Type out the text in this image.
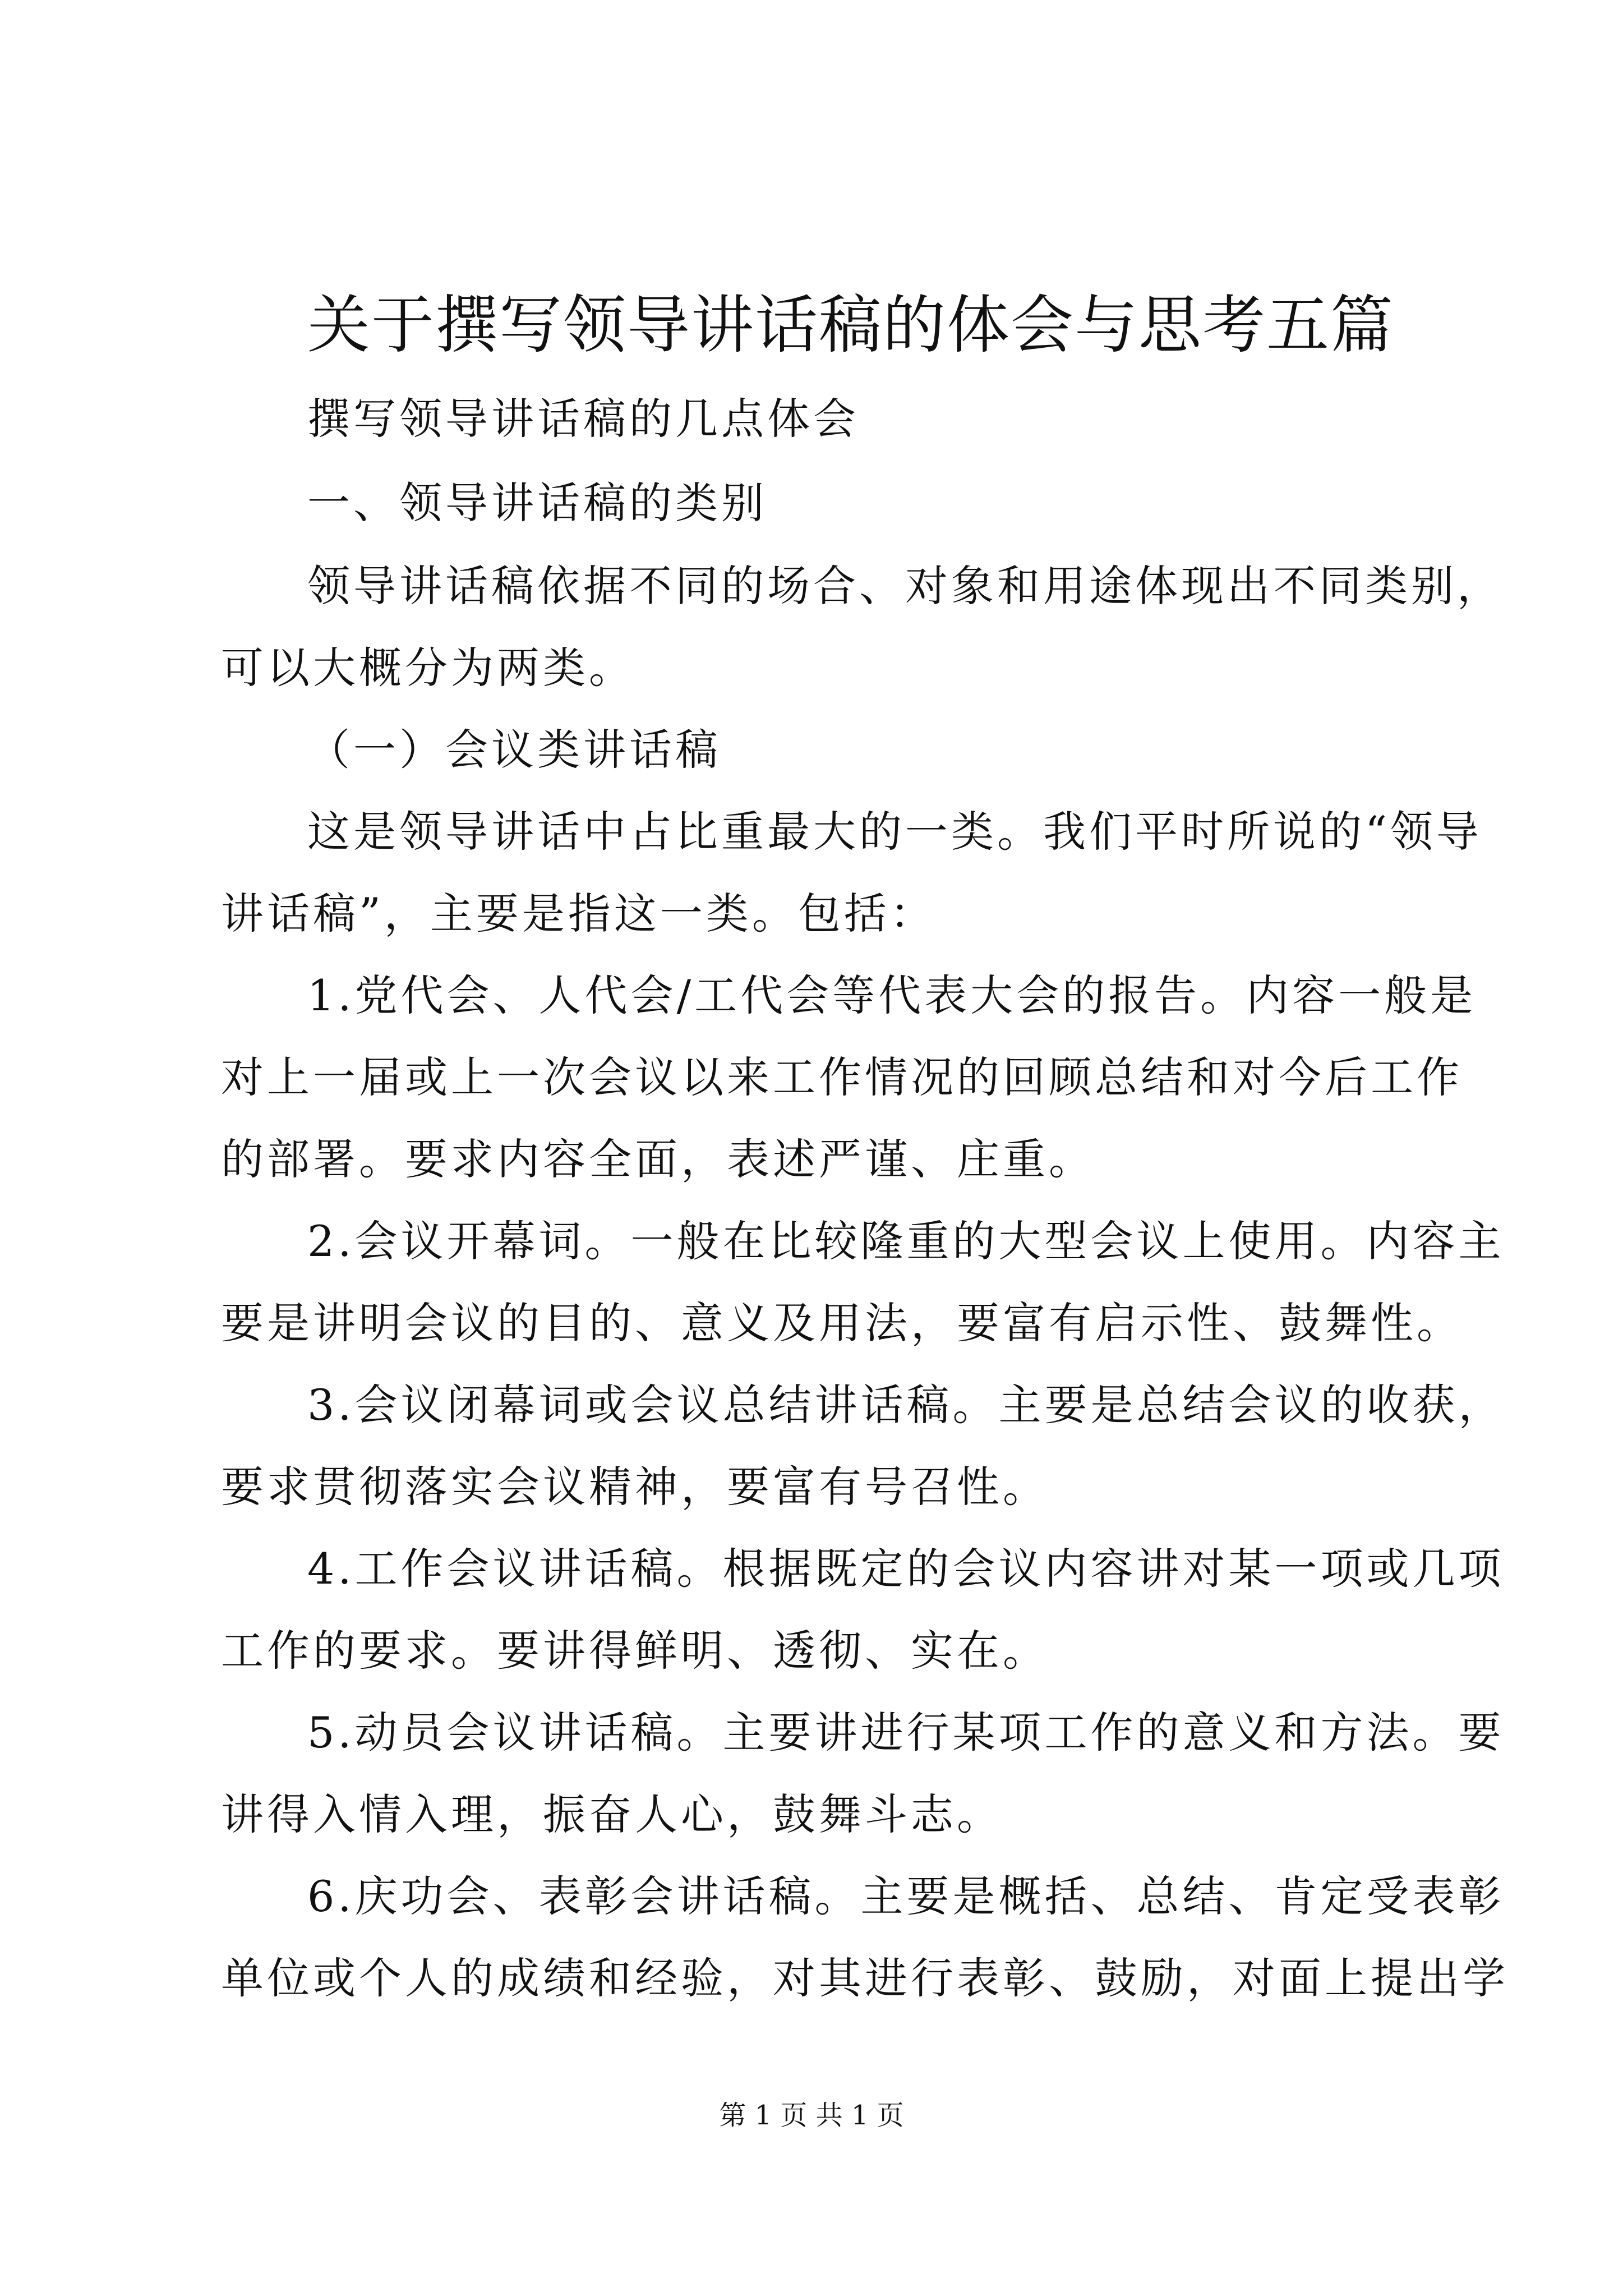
关于撰写领导讲话稿的体会与思考五篇
撰写领导讲话稿的几点体会
一、领导讲话稿的类别
领导讲话稿依据不同的场合、对象和用途体现出不同类别，
可以大概分为两类。
（一）会议类讲话稿
这是领导讲话中占比重最大的一类。我们平时所说的“领导
讲话稿”，主要是指这一类。包括：
1.党代会、人代会/工代会等代表大会的报告。内容一般是
对上一届或上一次会议以来工作情况的回顾总结和对今后工作
的部署。要求内容全面，表述严谨、庄重。
2.会议开幕词。一般在比较隆重的大型会议上使用。内容主
要是讲明会议的目的、意义及用法，要富有启示性、鼓舞性。
3.会议闭幕词或会议总结讲话稿。主要是总结会议的收获，
要求贯彻落实会议精神，要富有号召性。
4.工作会议讲话稿。根据既定的会议内容讲对某一项或几项
工作的要求。要讲得鲜明、透彻、实在。
5.动员会议讲话稿。主要讲进行某项工作的意义和方法。要
讲得入情入理，振奋人心，鼓舞斗志。
6.庆功会、表彰会讲话稿。主要是概括、总结、肯定受表彰
单位或个人的成绩和经验，对其进行表彰、鼓励，对面上提出学
第 1 页 共 1 页
